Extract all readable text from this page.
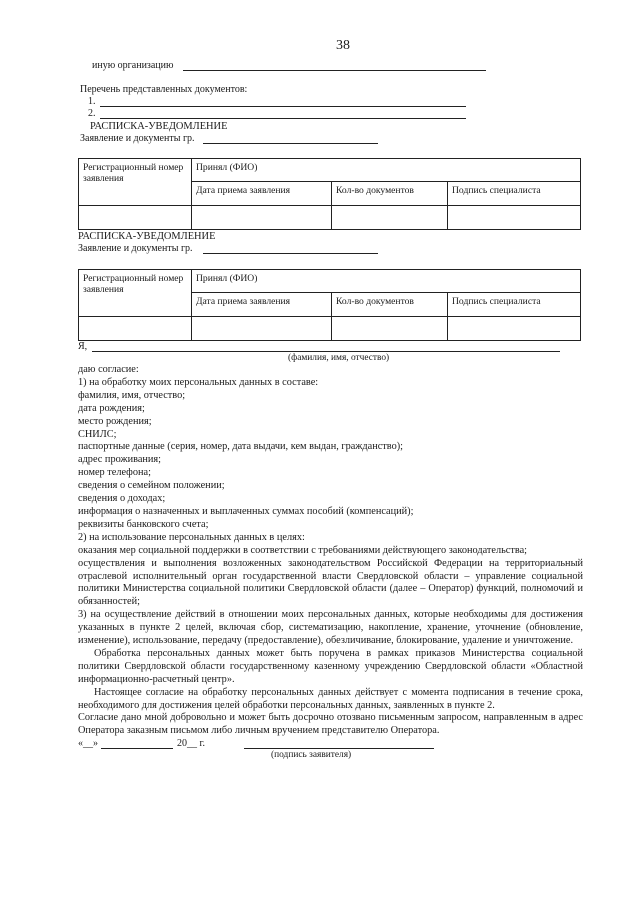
38
иную организацию
Перечень представленных документов:
1.
2.
РАСПИСКА-УВЕДОМЛЕНИЕ
Заявление и документы гр.
Регистрационный номер заявления	Принял (ФИО)		
	Дата приема заявления	Кол-во документов	Подпись специалиста

РАСПИСКА-УВЕДОМЛЕНИЕ
Заявление и документы гр.
Регистрационный номер заявления	Принял (ФИО)		
	Дата приема заявления	Кол-во документов	Подпись специалиста

Я,
(фамилия, имя, отчество)

даю согласие:

1) на обработку моих персональных данных в составе:

фамилия, имя, отчество;

дата рождения;

место рождения;

СНИЛС;

паспортные данные (серия, номер, дата выдачи, кем выдан, гражданство);

адрес проживания;

номер телефона;

сведения о семейном положении;

сведения о доходах;

информация о назначенных и выплаченных суммах пособий (компенсаций);

реквизиты банковского счета;

2) на использование персональных данных в целях:

оказания мер социальной поддержки в соответствии с требованиями действующего законодательства;

осуществления и выполнения возложенных законодательством Российской Федерации на территориальный отраслевой исполнительный орган государственной власти Свердловской области – управление социальной политики Министерства социальной политики Свердловской области (далее – Оператор) функций, полномочий и обязанностей;

3) на осуществление действий в отношении моих персональных данных, которые необходимы для достижения указанных в пункте 2 целей, включая сбор, систематизацию, накопление, хранение, уточнение (обновление, изменение), использование, передачу (предоставление), обезличивание, блокирование, удаление и уничтожение.

Обработка персональных данных может быть поручена в рамках приказов Министерства социальной политики Свердловской области государственному казенному учреждению Свердловской области «Областной информационно-расчетный центр».

Настоящее согласие на обработку персональных данных действует с момента подписания в течение срока, необходимого для достижения целей обработки персональных данных, заявленных в пункте 2.

Согласие дано мной добровольно и может быть досрочно отозвано письменным запросом, направленным в адрес Оператора заказным письмом либо личным вручением представителю Оператора.

«__»	20__ г.
(подпись заявителя)
